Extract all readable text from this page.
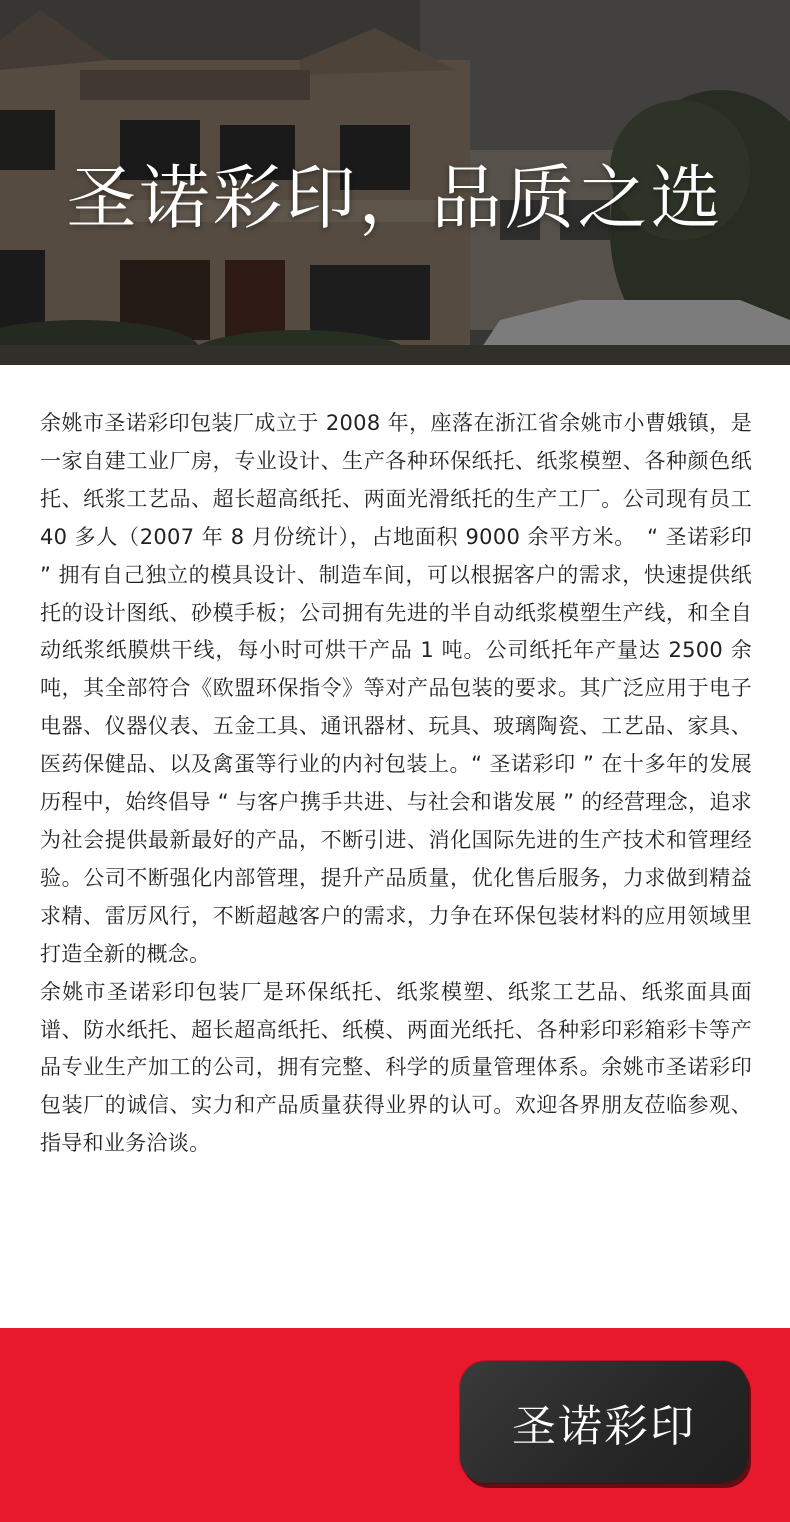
圣诺彩印，品质之选

余姚市圣诺彩印包装厂成立于 2008 年，座落在浙江省余姚市小曹娥镇，是一家自建工业厂房，专业设计、生产各种环保纸托、纸浆模塑、各种颜色纸托、纸浆工艺品、超长超高纸托、两面光滑纸托的生产工厂。公司现有员工 40 多人（2007 年 8 月份统计），占地面积 9000 余平方米。　“ 圣诺彩印 ” 拥有自己独立的模具设计、制造车间，可以根据客户的需求，快速提供纸托的设计图纸、砂模手板；公司拥有先进的半自动纸浆模塑生产线，和全自动纸浆纸膜烘干线，每小时可烘干产品 1 吨。公司纸托年产量达 2500 余吨，其全部符合《欧盟环保指令》等对产品包装的要求。其广泛应用于电子电器、仪器仪表、五金工具、通讯器材、玩具、玻璃陶瓷、工艺品、家具、医药保健品、以及禽蛋等行业的内衬包装上。“ 圣诺彩印 ” 在十多年的发展历程中，始终倡导 “ 与客户携手共进、与社会和谐发展 ” 的经营理念，追求为社会提供最新最好的产品，不断引进、消化国际先进的生产技术和管理经验。公司不断强化内部管理，提升产品质量，优化售后服务，力求做到精益求精、雷厉风行，不断超越客户的需求，力争在环保包装材料的应用领域里打造全新的概念。

余姚市圣诺彩印包装厂是环保纸托、纸浆模塑、纸浆工艺品、纸浆面具面谱、防水纸托、超长超高纸托、纸模、两面光纸托、各种彩印彩箱彩卡等产品专业生产加工的公司，拥有完整、科学的质量管理体系。余姚市圣诺彩印包装厂的诚信、实力和产品质量获得业界的认可。欢迎各界朋友莅临参观、指导和业务洽谈。

圣诺彩印
